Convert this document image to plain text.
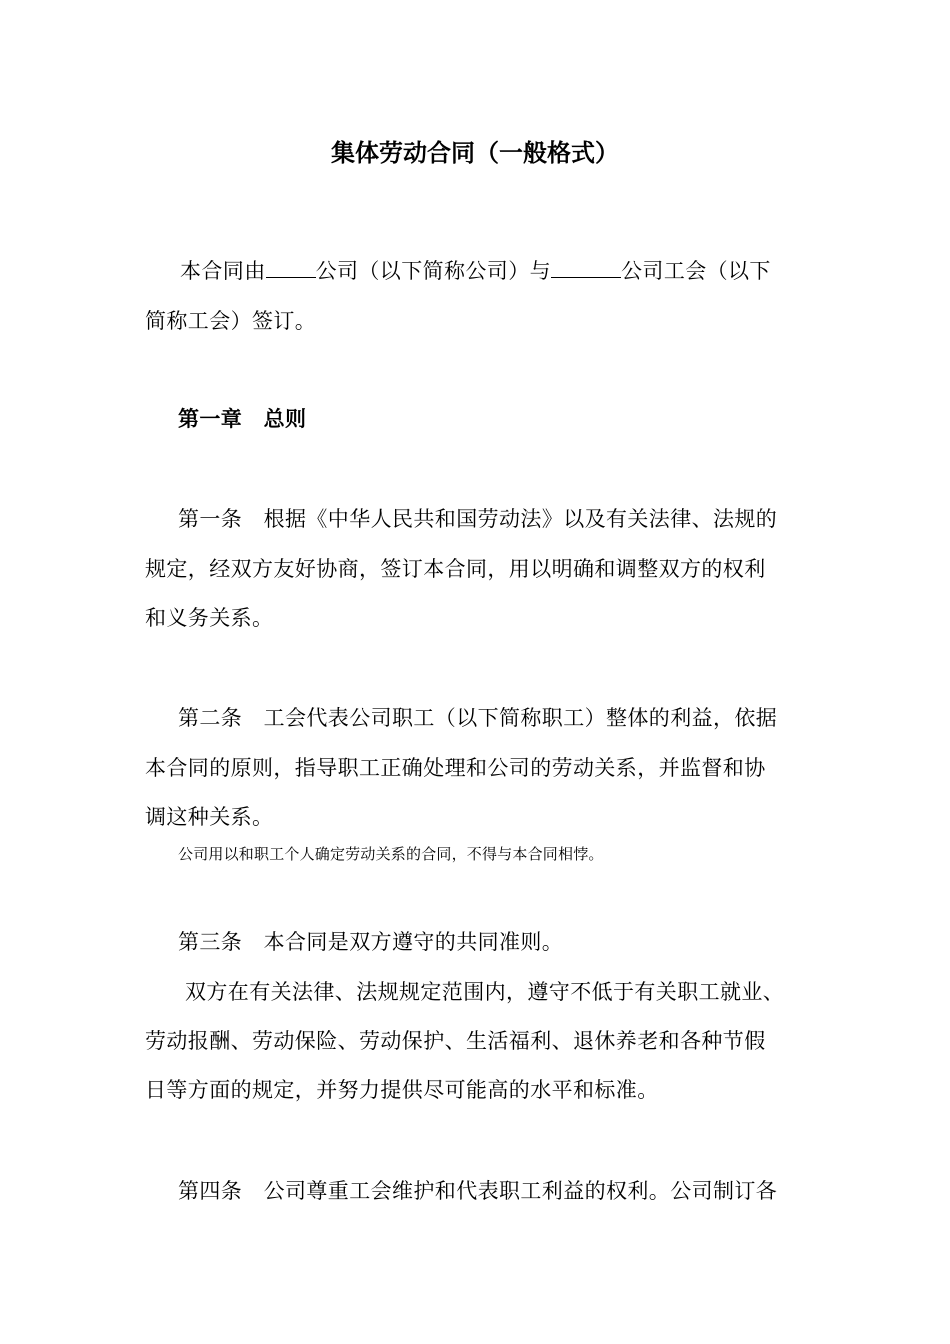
集体劳动合同（一般格式）
本合同由 公司（以下简称公司）与	公司工会（以下
简称工会）签订。
第一章　总则
第一条　根据《中华人民共和国劳动法》以及有关法律、法规的
规定，经双方友好协商，签订本合同，用以明确和调整双方的权利
和义务关系。
第二条　工会代表公司职工（以下简称职工）整体的利益，依据
本合同的原则，指导职工正确处理和公司的劳动关系，并监督和协
调这种关系。
公司用以和职工个人确定劳动关系的合同，不得与本合同相悖。
第三条　本合同是双方遵守的共同准则。
双方在有关法律、法规规定范围内，遵守不低于有关职工就业、
劳动报酬、劳动保险、劳动保护、生活福利、退休养老和各种节假
日等方面的规定，并努力提供尽可能高的水平和标准。
第四条　公司尊重工会维护和代表职工利益的权利。公司制订各
